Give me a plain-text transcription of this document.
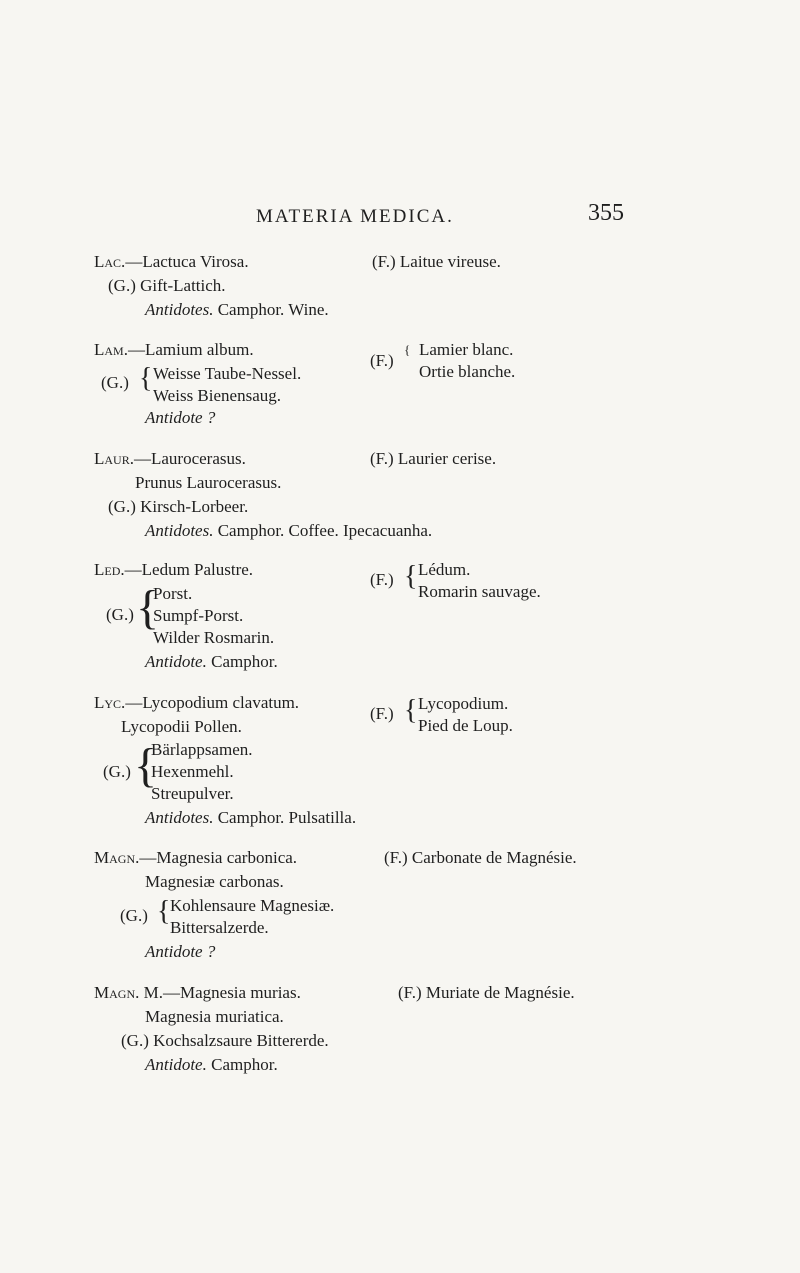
MATERIA MEDICA.	355
Lac.—Lactuca Virosa.	(F.) Laitue vireuse.
(G.) Gift-Lattich.
Antidotes. Camphor. Wine.
Lam.—Lamium album.
(F.)
{ Lamier blanc.
Ortie blanche.
(G.) { Weisse Taube-Nessel.
Weiss Bienensaug.
Antidote ?
Laur.—Laurocerasus.	(F.) Laurier cerise.
Prunus Laurocerasus.
(G.) Kirsch-Lorbeer.
Antidotes. Camphor. Coffee. Ipecacuanha.
Led.—Ledum Palustre.
(F.) { Lédum.
Romarin sauvage.
(G.) {
Porst.
Sumpf-Porst.
Wilder Rosmarin.
Antidote. Camphor.
Lyc.—Lycopodium clavatum.
(F.) { Lycopodium.
Pied de Loup.
Lycopodii Pollen.
(G.) {
Bärlappsamen.
Hexenmehl.
Streupulver.
Antidotes. Camphor. Pulsatilla.
Magn.—Magnesia carbonica.	(F.) Carbonate de Magnésie.
Magnesiæ carbonas.
(G.) { Kohlensaure Magnesiæ.
Bittersalzerde.
Antidote ?
Magn. M.—Magnesia murias.	(F.) Muriate de Magnésie.
Magnesia muriatica.
(G.) Kochsalzsaure Bittererde.
Antidote. Camphor.
